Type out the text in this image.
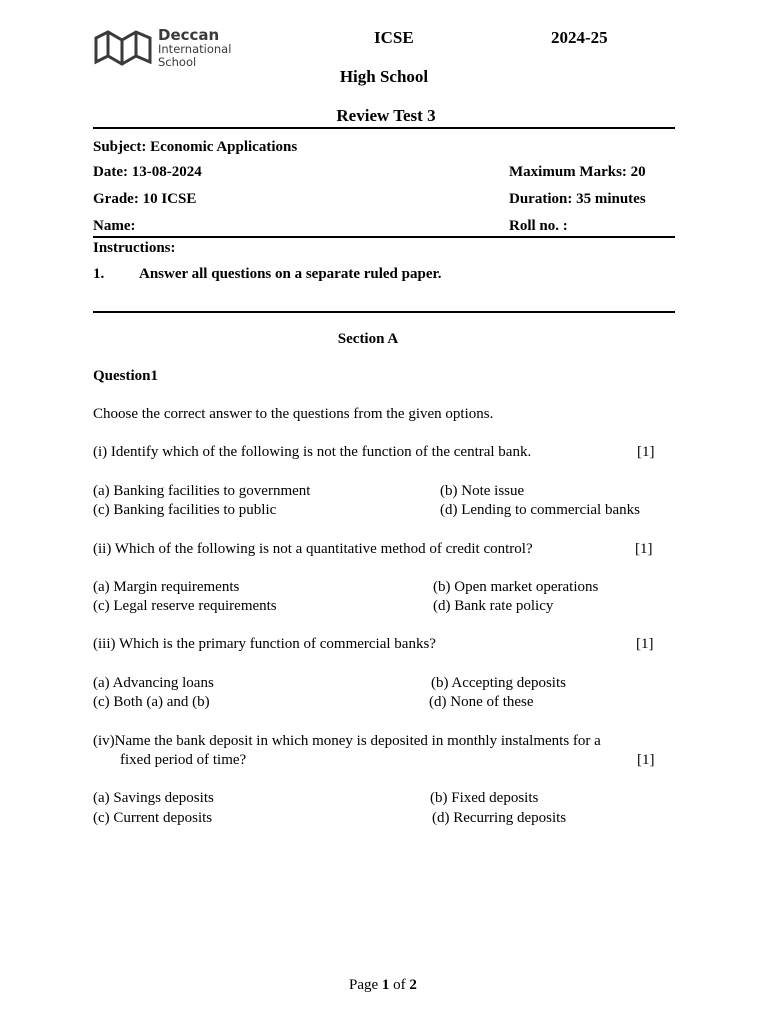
Deccan
International
School
ICSE	2024-25
High School
Review Test 3
Subject: Economic Applications
Date: 13-08-2024	Maximum Marks: 20
Grade: 10 ICSE	Duration: 35 minutes
Name:	Roll no. :
Instructions:
1. Answer all questions on a separate ruled paper.
Section A
Question1
Choose the correct answer to the questions from the given options.
(i) Identify which of the following is not the function of the central bank.	[1]
(a) Banking facilities to government	(b) Note issue
(c) Banking facilities to public	(d) Lending to commercial banks
(ii) Which of the following is not a quantitative method of credit control?	[1]
(a) Margin requirements	(b) Open market operations
(c) Legal reserve requirements	(d) Bank rate policy
(iii) Which is the primary function of commercial banks?	[1]
(a) Advancing loans	(b) Accepting deposits
(c) Both (a) and (b)	(d) None of these
(iv)Name the bank deposit in which money is deposited in monthly instalments for a
fixed period of time?	[1]
(a) Savings deposits	(b) Fixed deposits
(c) Current deposits	(d) Recurring deposits
Page 1 of 2
